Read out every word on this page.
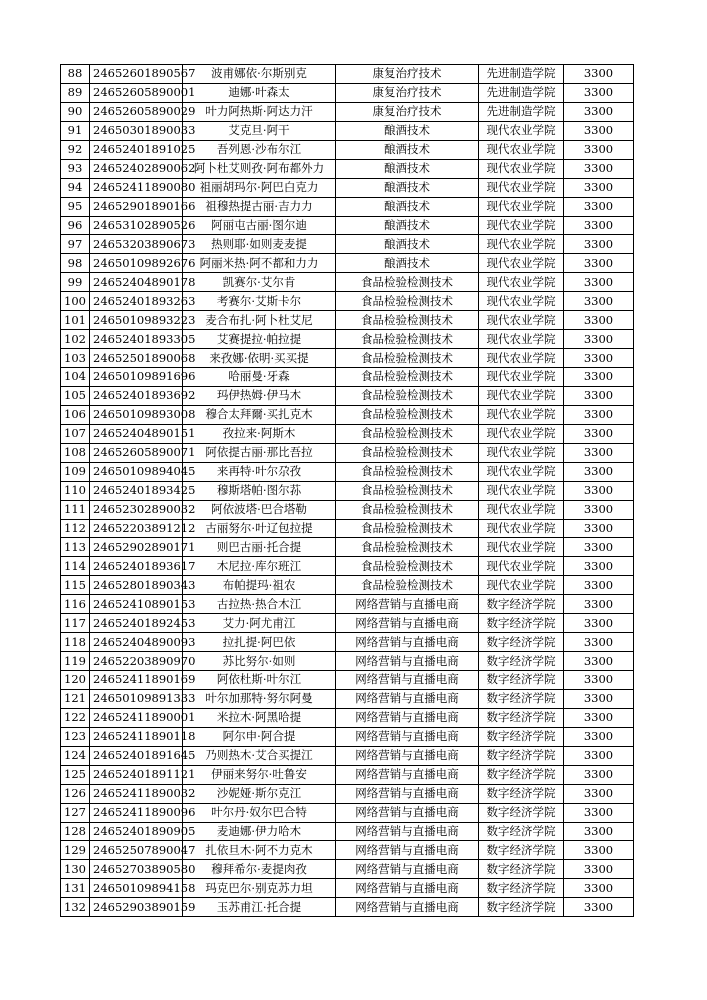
88	24652601890567	波甫娜依·尔斯别克	康复治疗技术	先进制造学院	3300
89	24652605890001	迪娜·叶森太	康复治疗技术	先进制造学院	3300
90	24652605890029	叶力阿热斯·阿达力汗	康复治疗技术	先进制造学院	3300
91	24650301890033	艾克旦·阿干	酿酒技术	现代农业学院	3300
92	24652401891025	吾列恩·沙布尔江	酿酒技术	现代农业学院	3300
93	24652402890062	阿卜杜艾则孜·阿布都外力	酿酒技术	现代农业学院	3300
94	24652411890080	祖丽胡玛尔·阿巴白克力	酿酒技术	现代农业学院	3300
95	24652901890166	祖穆热提古丽·吉力力	酿酒技术	现代农业学院	3300
96	24653102890526	阿丽屯古丽·图尔迪	酿酒技术	现代农业学院	3300
97	24653203890673	热则耶·如则麦麦提	酿酒技术	现代农业学院	3300
98	24650109892676	阿丽米热·阿不都和力力	酿酒技术	现代农业学院	3300
99	24652404890178	凯赛尔·艾尔肯	食品检验检测技术	现代农业学院	3300
100	24652401893263	考赛尔·艾斯卡尔	食品检验检测技术	现代农业学院	3300
101	24650109893223	麦合布扎·阿卜杜艾尼	食品检验检测技术	现代农业学院	3300
102	24652401893305	艾赛提拉·帕拉提	食品检验检测技术	现代农业学院	3300
103	24652501890068	来孜娜·依明·买买提	食品检验检测技术	现代农业学院	3300
104	24650109891696	哈丽曼·牙森	食品检验检测技术	现代农业学院	3300
105	24652401893692	玛伊热姆·伊马木	食品检验检测技术	现代农业学院	3300
106	24650109893008	穆合太拜爾·买扎克木	食品检验检测技术	现代农业学院	3300
107	24652404890151	孜拉来·阿斯木	食品检验检测技术	现代农业学院	3300
108	24652605890071	阿依提古丽·那比吾拉	食品检验检测技术	现代农业学院	3300
109	24650109894045	来再特·叶尔尕孜	食品检验检测技术	现代农业学院	3300
110	24652401893425	穆斯塔帕·图尔荪	食品检验检测技术	现代农业学院	3300
111	24652302890032	阿依波塔·巴合塔勒	食品检验检测技术	现代农业学院	3300
112	24652203891212	古丽努尔·叶辽包拉提	食品检验检测技术	现代农业学院	3300
113	24652902890171	则巴古丽·托合提	食品检验检测技术	现代农业学院	3300
114	24652401893617	木尼拉·库尔班江	食品检验检测技术	现代农业学院	3300
115	24652801890343	布帕提玛·祖农	食品检验检测技术	现代农业学院	3300
116	24652410890153	古拉热·热合木江	网络营销与直播电商	数字经济学院	3300
117	24652401892453	艾力·阿尤甫江	网络营销与直播电商	数字经济学院	3300
118	24652404890093	拉扎提·阿巴依	网络营销与直播电商	数字经济学院	3300
119	24652203890970	苏比努尔·如则	网络营销与直播电商	数字经济学院	3300
120	24652411890169	阿依杜斯·叶尔江	网络营销与直播电商	数字经济学院	3300
121	24650109891333	叶尔加那特·努尔阿曼	网络营销与直播电商	数字经济学院	3300
122	24652411890001	米拉木·阿黑哈提	网络营销与直播电商	数字经济学院	3300
123	24652411890118	阿尔申·阿合提	网络营销与直播电商	数字经济学院	3300
124	24652401891645	乃则热木·艾合买提江	网络营销与直播电商	数字经济学院	3300
125	24652401891121	伊丽来努尔·吐鲁安	网络营销与直播电商	数字经济学院	3300
126	24652411890032	沙妮娅·斯尔克江	网络营销与直播电商	数字经济学院	3300
127	24652411890096	叶尔丹·奴尔巴合特	网络营销与直播电商	数字经济学院	3300
128	24652401890905	麦迪娜·伊力哈木	网络营销与直播电商	数字经济学院	3300
129	24652507890047	扎依旦木·阿不力克木	网络营销与直播电商	数字经济学院	3300
130	24652703890580	穆拜希尔·麦提肉孜	网络营销与直播电商	数字经济学院	3300
131	24650109894158	玛克巴尔·别克苏力坦	网络营销与直播电商	数字经济学院	3300
132	24652903890159	玉苏甫江·托合提	网络营销与直播电商	数字经济学院	3300
